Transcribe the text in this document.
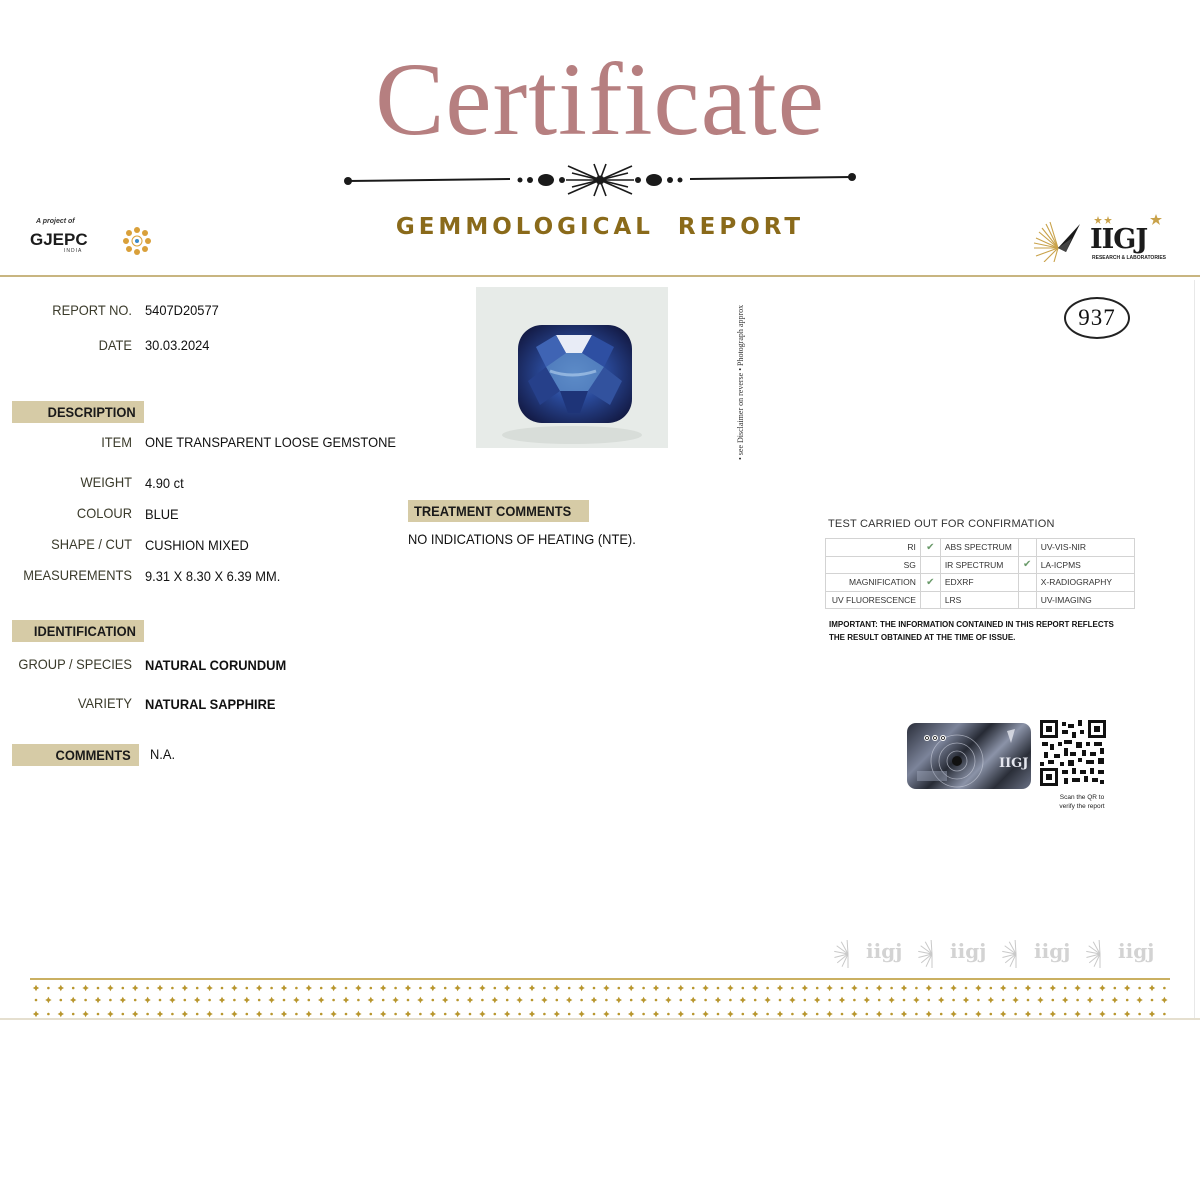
Certificate
GEMMOLOGICAL REPORT
A project of
GJEPC
INDIA	IIGJ
RESEARCH & LABORATORIES
REPORT NO. 5407D20577
DATE 30.03.2024
DESCRIPTION
ITEM ONE TRANSPARENT LOOSE GEMSTONE
WEIGHT 4.90 ct
COLOUR BLUE
SHAPE / CUT CUSHION MIXED
MEASUREMENTS 9.31 X 8.30 X 6.39 MM.
IDENTIFICATION
GROUP / SPECIES NATURAL CORUNDUM
VARIETY NATURAL SAPPHIRE
COMMENTS	N.A.
• see Disclaimer on reverse • Photograph approx	937
TREATMENT COMMENTS
NO INDICATIONS OF HEATING (NTE).
TEST CARRIED OUT FOR CONFIRMATION
RI	✔	ABS SPECTRUM		UV-VIS-NIR
SG		IR SPECTRUM	✔	LA-ICPMS
MAGNIFICATION	✔	EDXRF		X-RADIOGRAPHY
UV FLUORESCENCE		LRS		UV-IMAGING
IMPORTANT: THE INFORMATION CONTAINED IN THIS REPORT REFLECTS THE RESULT OBTAINED AT THE TIME OF ISSUE.
IIGJ
Scan the QR to verify the report
iigj iigj iigj iigj
